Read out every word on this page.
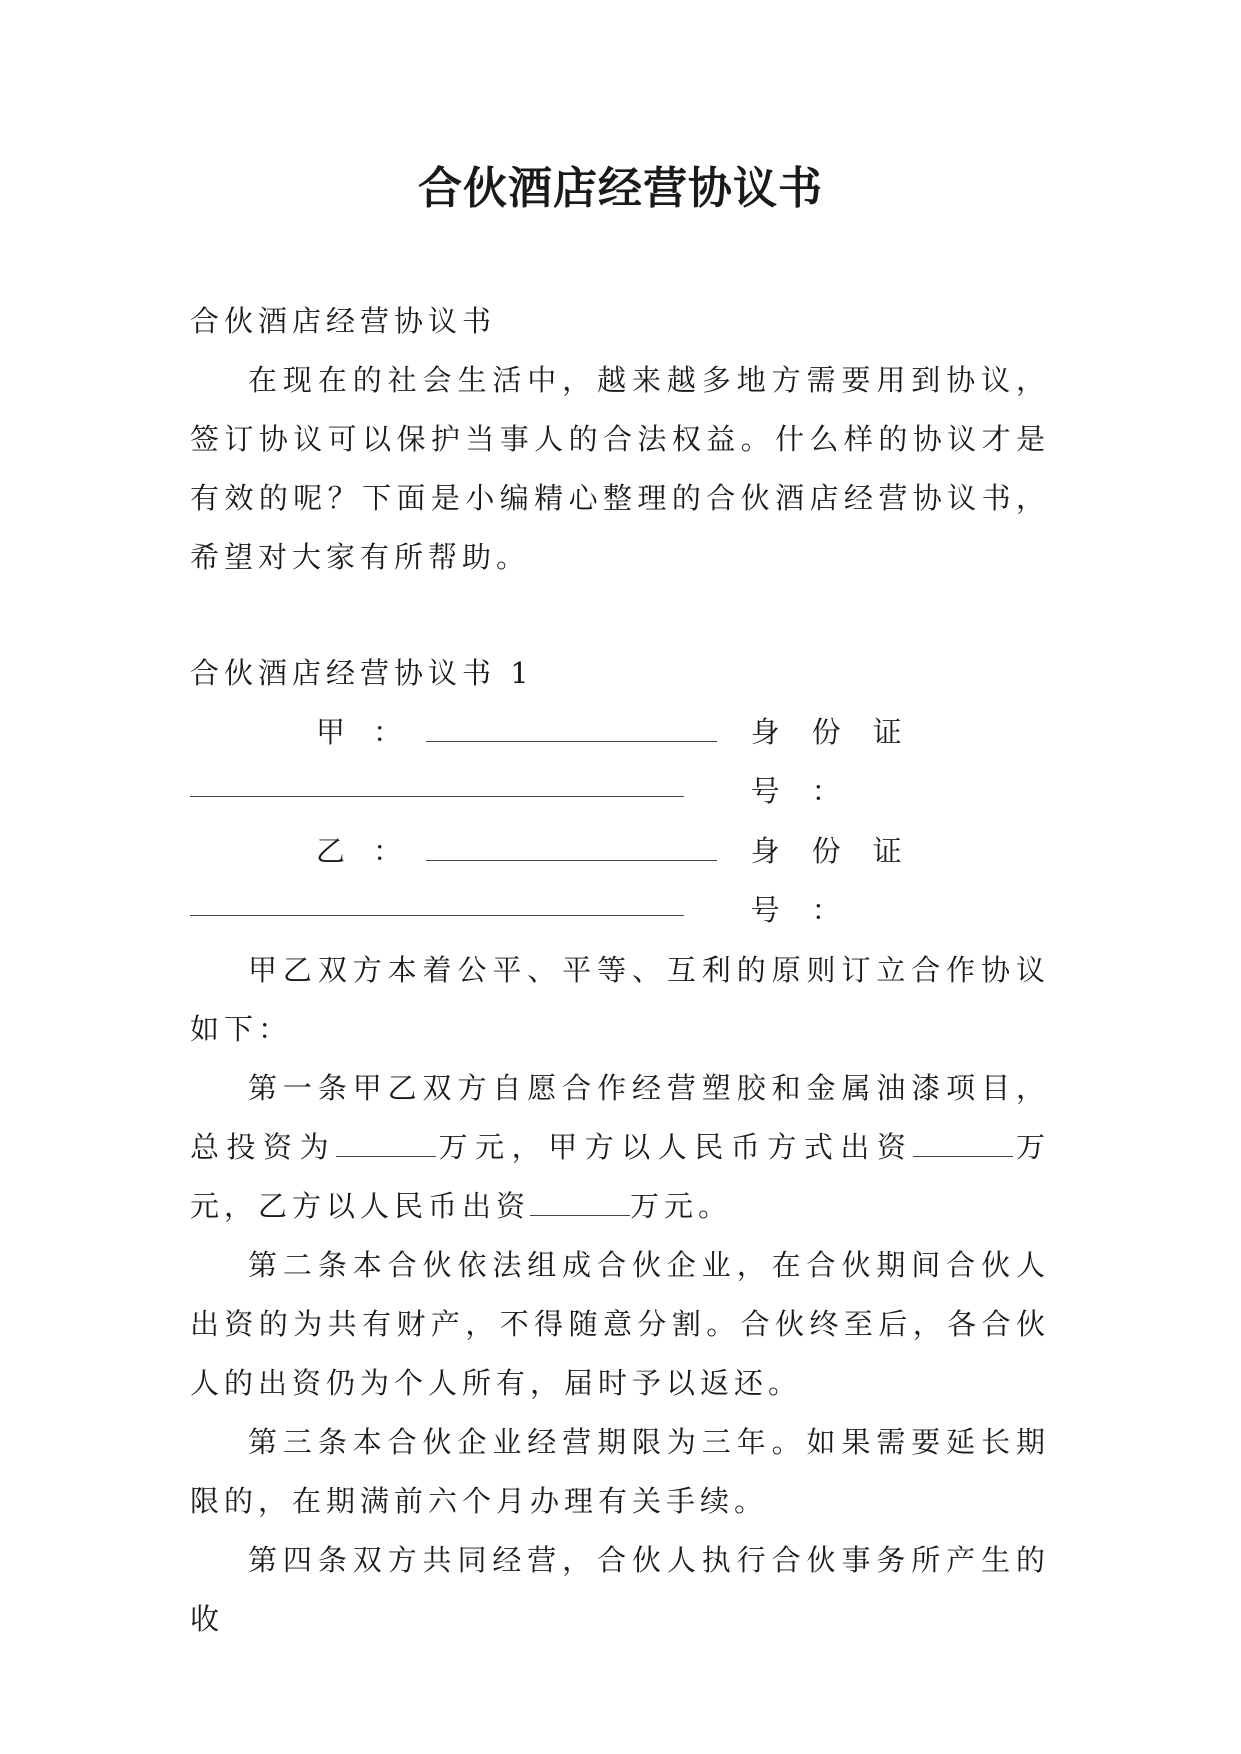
合伙酒店经营协议书

合伙酒店经营协议书

在现在的社会生活中，越来越多地方需要用到协议，签订协议可以保护当事人的合法权益。什么样的协议才是有效的呢？下面是小编精心整理的合伙酒店经营协议书，希望对大家有所帮助。

合伙酒店经营协议书 1

甲：	身份证号：
乙：	身份证号：

甲乙双方本着公平、平等、互利的原则订立合作协议如下：

第一条甲乙双方自愿合作经营塑胶和金属油漆项目，总投资为	万元，甲方以人民币方式出资	万元，乙方以人民币出资	万元。

第二条本合伙依法组成合伙企业，在合伙期间合伙人出资的为共有财产，不得随意分割。合伙终至后，各合伙人的出资仍为个人所有，届时予以返还。

第三条本合伙企业经营期限为三年。如果需要延长期限的，在期满前六个月办理有关手续。

第四条双方共同经营，合伙人执行合伙事务所产生的收
